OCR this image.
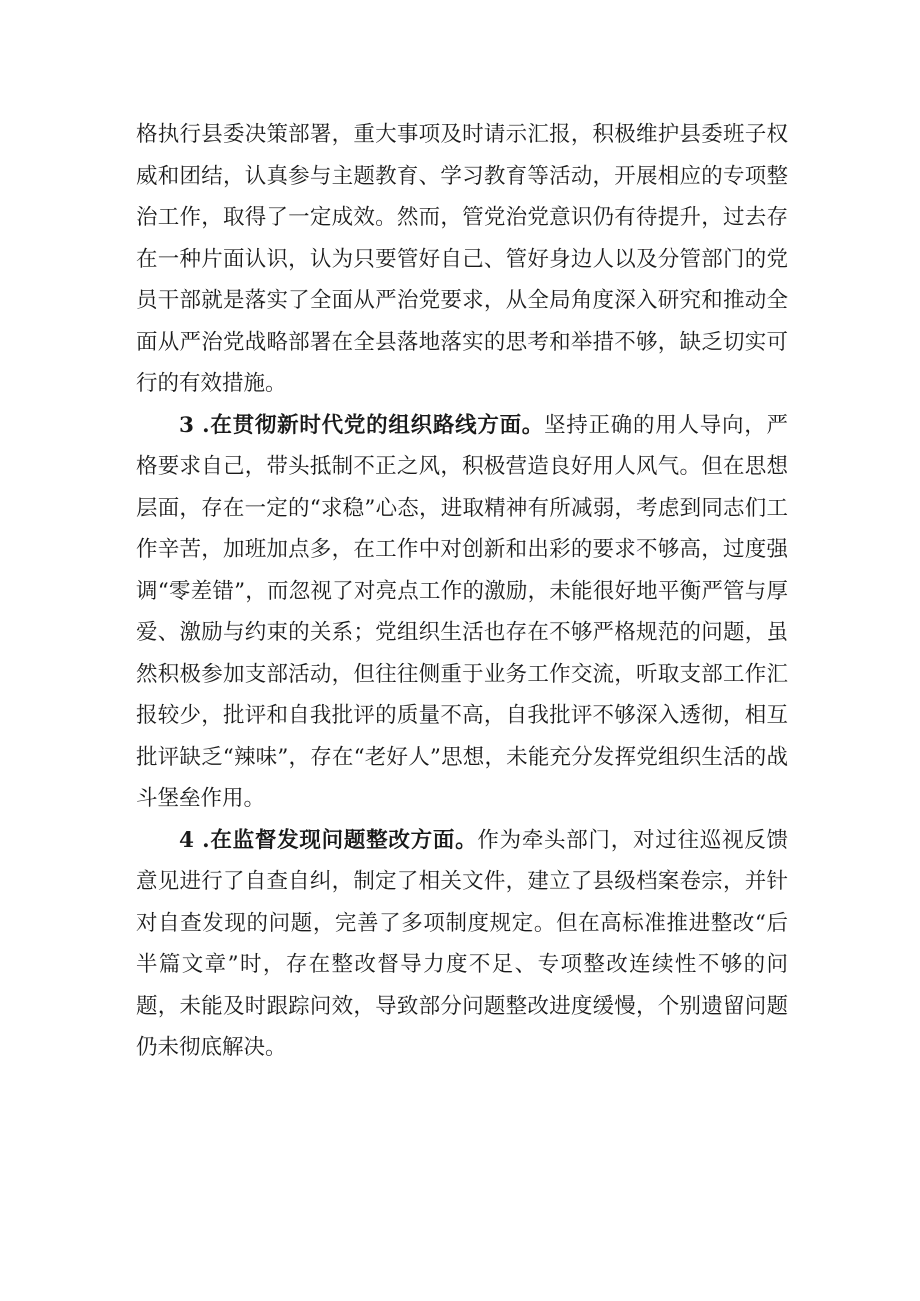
格执行县委决策部署，重大事项及时请示汇报，积极维护县委班子权威和团结，认真参与主题教育、学习教育等活动，开展相应的专项整治工作，取得了一定成效。然而，管党治党意识仍有待提升，过去存在一种片面认识，认为只要管好自己、管好身边人以及分管部门的党员干部就是落实了全面从严治党要求，从全局角度深入研究和推动全面从严治党战略部署在全县落地落实的思考和举措不够，缺乏切实可行的有效措施。

3 .在贯彻新时代党的组织路线方面。坚持正确的用人导向，严格要求自己，带头抵制不正之风，积极营造良好用人风气。但在思想层面，存在一定的“求稳”心态，进取精神有所减弱，考虑到同志们工作辛苦，加班加点多，在工作中对创新和出彩的要求不够高，过度强调“零差错”，而忽视了对亮点工作的激励，未能很好地平衡严管与厚爱、激励与约束的关系；党组织生活也存在不够严格规范的问题，虽然积极参加支部活动，但往往侧重于业务工作交流，听取支部工作汇报较少，批评和自我批评的质量不高，自我批评不够深入透彻，相互批评缺乏“辣味”，存在“老好人”思想，未能充分发挥党组织生活的战斗堡垒作用。

4 .在监督发现问题整改方面。作为牵头部门，对过往巡视反馈意见进行了自查自纠，制定了相关文件，建立了县级档案卷宗，并针对自查发现的问题，完善了多项制度规定。但在高标准推进整改“后半篇文章”时，存在整改督导力度不足、专项整改连续性不够的问题，未能及时跟踪问效，导致部分问题整改进度缓慢，个别遗留问题仍未彻底解决。
